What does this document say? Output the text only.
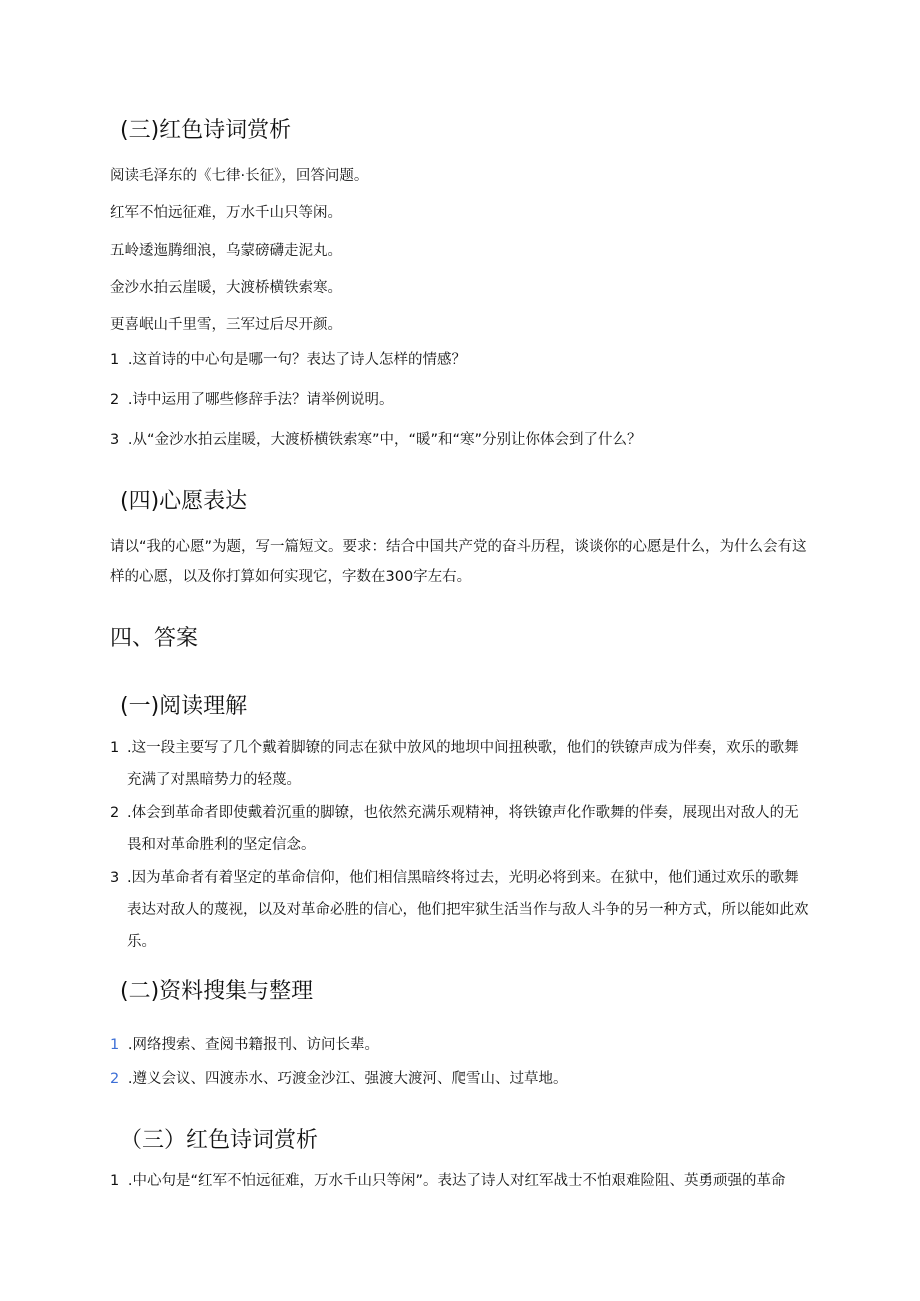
(三)红色诗词赏析
阅读毛泽东的《七律·长征》，回答问题。
红军不怕远征难，万水千山只等闲。
五岭逶迤腾细浪，乌蒙磅礴走泥丸。
金沙水拍云崖暖，大渡桥横铁索寒。
更喜岷山千里雪，三军过后尽开颜。
1 .这首诗的中心句是哪一句？表达了诗人怎样的情感？
2 .诗中运用了哪些修辞手法？请举例说明。
3 .从“金沙水拍云崖暖，大渡桥横铁索寒”中，“暖”和“寒”分别让你体会到了什么？
(四)心愿表达
请以“我的心愿”为题，写一篇短文。要求：结合中国共产党的奋斗历程，谈谈你的心愿是什么，为什么会有这样的心愿，以及你打算如何实现它，字数在300字左右。
四、答案
(一)阅读理解
1 .这一段主要写了几个戴着脚镣的同志在狱中放风的地坝中间扭秧歌，他们的铁镣声成为伴奏，欢乐的歌舞充满了对黑暗势力的轻蔑。
2 .体会到革命者即使戴着沉重的脚镣，也依然充满乐观精神，将铁镣声化作歌舞的伴奏，展现出对敌人的无畏和对革命胜利的坚定信念。
3 .因为革命者有着坚定的革命信仰，他们相信黑暗终将过去，光明必将到来。在狱中，他们通过欢乐的歌舞表达对敌人的蔑视，以及对革命必胜的信心，他们把牢狱生活当作与敌人斗争的另一种方式，所以能如此欢乐。
(二)资料搜集与整理
1 .网络搜索、查阅书籍报刊、访问长辈。
2 .遵义会议、四渡赤水、巧渡金沙江、强渡大渡河、爬雪山、过草地。
（三）红色诗词赏析
1 .中心句是“红军不怕远征难，万水千山只等闲”。表达了诗人对红军战士不怕艰难险阻、英勇顽强的革命
